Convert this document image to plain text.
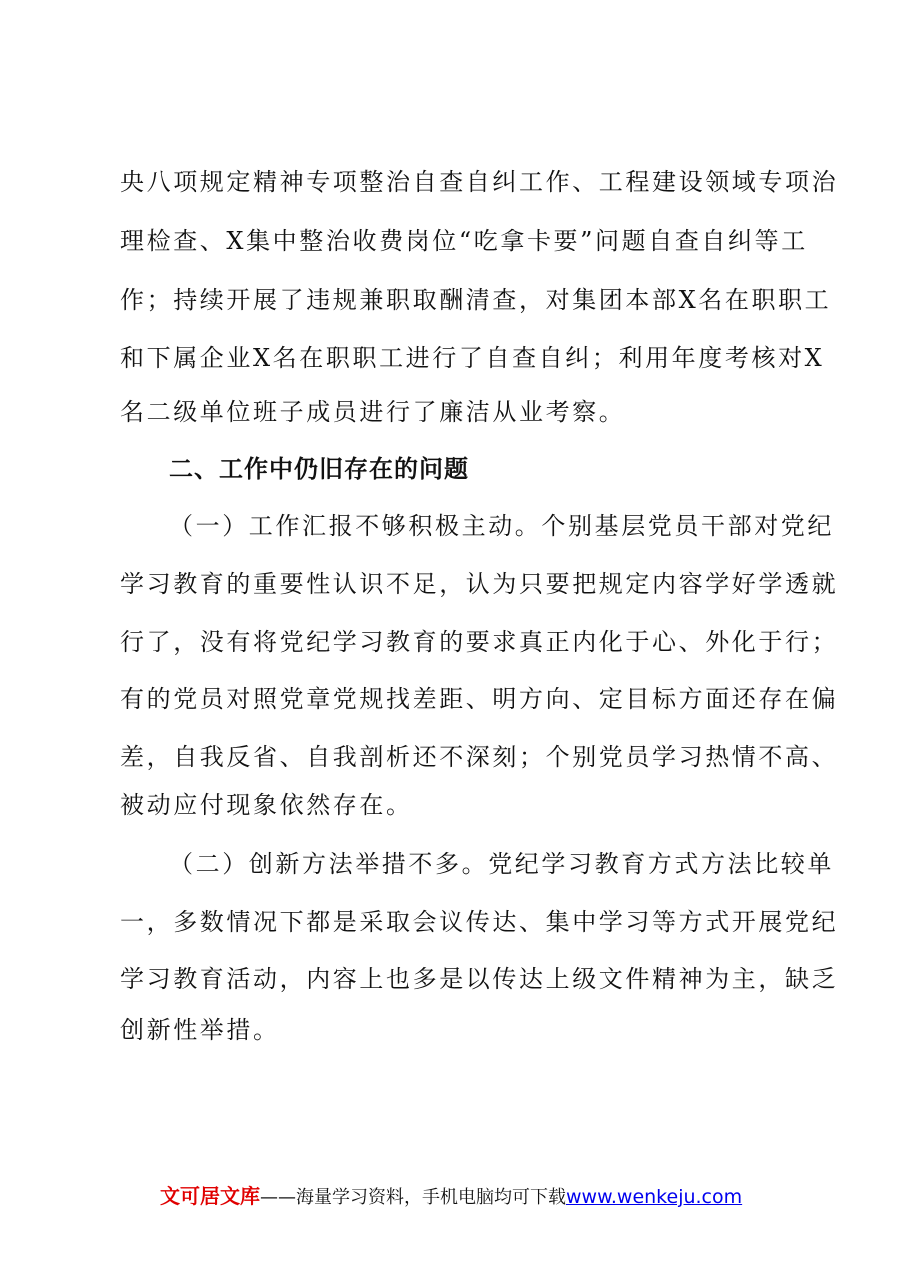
央八项规定精神专项整治自查自纠工作、工程建设领域专项治
理检查、X集中整治收费岗位“吃拿卡要”问题自查自纠等工
作；持续开展了违规兼职取酬清查，对集团本部X名在职职工
和下属企业X名在职职工进行了自查自纠；利用年度考核对X
名二级单位班子成员进行了廉洁从业考察。
二、工作中仍旧存在的问题
（一）工作汇报不够积极主动。个别基层党员干部对党纪
学习教育的重要性认识不足，认为只要把规定内容学好学透就
行了，没有将党纪学习教育的要求真正内化于心、外化于行；
有的党员对照党章党规找差距、明方向、定目标方面还存在偏
差，自我反省、自我剖析还不深刻；个别党员学习热情不高、
被动应付现象依然存在。
（二）创新方法举措不多。党纪学习教育方式方法比较单
一，多数情况下都是采取会议传达、集中学习等方式开展党纪
学习教育活动，内容上也多是以传达上级文件精神为主，缺乏
创新性举措。
文可居文库——海量学习资料，手机电脑均可下载www.wenkeju.com
